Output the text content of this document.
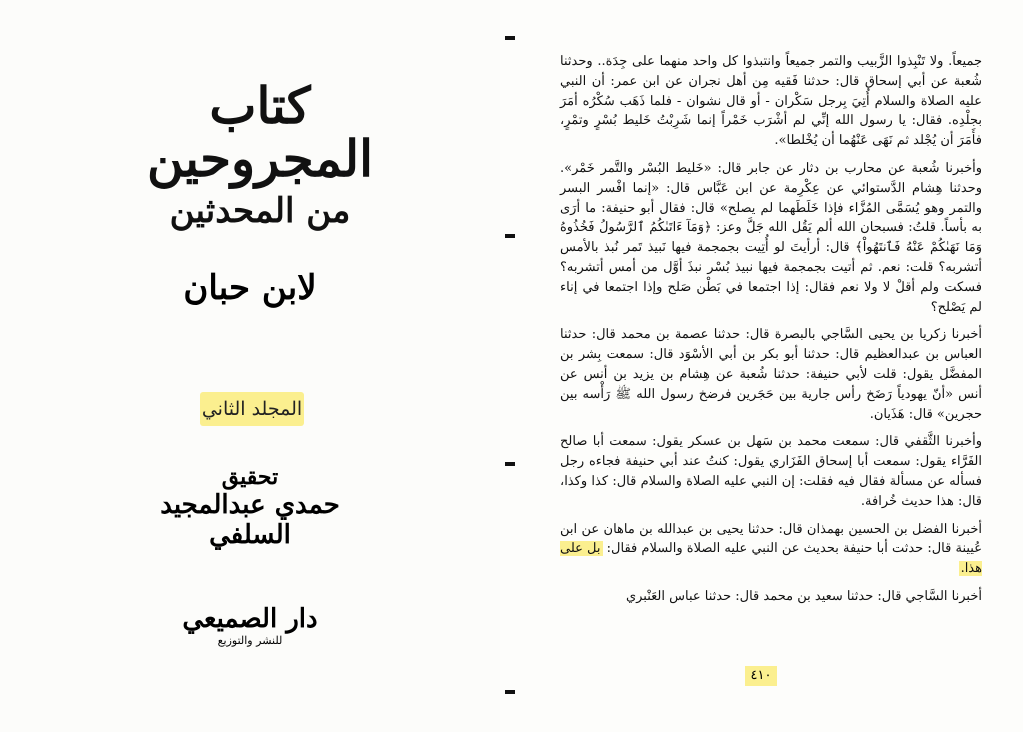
كتاب المجروحين
من المحدثين
لابن حبان
المجلد الثاني
تحقيق
حمدي عبدالمجيد السلفي
دار الصميعي
للنشر والتوزيع

جميعاً. ولا تَنْبِذوا الزَّبيب والتمر جميعاً وانتبذوا كل واحد منهما على جِدَة.. وحدثنا شُعبة عن أبي إسحاق قال: حدثنا فَقيه مِن أهل نجران عن ابن عمر: أن النبي عليه الصلاة والسلام أُتِيَ بِرجل سَكْران - أو قال نشوان - فلما ذَهَب سُكْرُه أمَرَ بجلْدِه. فقال: يا رسول الله إنِّي لم أشْرَب خَمْراً إنما شَرِبْتُ خَليط بُسْرٍ وتمْرٍ، فأَمَرَ أن يُجْلد ثم نَهَى عَنْهُما أن يُخْلطا».

وأخبرنا شُعبة عن محارب بن دثار عن جابر قال: «خَليط البُسْر والتَّمر خَمْر». وحدثنا هِشام الدَّستوائي عن عِكْرِمة عن ابن عَبَّاس قال: «إنما افْسر البسر والتمر وهو يُسَمَّى المُزَّاء فإذا خَلَطَهما لم يصلح» قال: فقال أبو حنيفة: ما أرَى به بأساً. قلتُ: فسبحان الله ألم يَقُل الله جَلَّ وعز: ﴿وَمَآ ءَاتَىٰكُمُ ٱلرَّسُولُ فَخُذُوهُ وَمَا نَهَىٰكُمْ عَنْهُ فَٱنتَهُواْ﴾ قال: أرأيتَ لو أُتِيت بجمجمة فيها نَبيذ تَمر نُبذ بالأمس أتشربه؟ قلت: نعم. ثم أتيت بجمجمة فيها نبيذ بُسْر نبذَ أوَّل من أمس أتشربه؟ فسكت ولم أقلْ لا ولا نعم فقال: إذا اجتمعا في بَطْن صَلح وإذا اجتمعا في إناء لم يَصْلح؟

أخبرنا زكريا بن يحيى السَّاجي بالبصرة قال: حدثنا عصمة بن محمد قال: حدثنا العباس بن عبدالعظيم قال: حدثنا أبو بكر بن أبي الأسْوَد قال: سمعت بِشر بن المفضَّل يقول: قلت لأبي حنيفة: حدثنا شُعبة عن هِشام بن يزيد بن أنس عن أنس «أنّ يهودياً رَضَخ رأس جارية بين حَجَرين فرضخ رسول الله ﷺ رَأْسه بين حجرين» قال: هَذَيان.

وأخبرنا الثَّقفي قال: سمعت محمد بن سَهل بن عسكر يقول: سمعت أبا صالح الفَرَّاء يقول: سمعت أبا إسحاق الفَزَاري يقول: كنتُ عند أبي حنيفة فجاءه رجل فسأله عن مسألة فقال فيه فقلت: إن النبي عليه الصلاة والسلام قال: كذا وكذا، قال: هذا حديث خُرافة.

أخبرنا الفضل بن الحسين بهمذان قال: حدثنا يحيى بن عبدالله بن ماهان عن ابن عُيينة قال: حدثت أبا حنيفة بحديث عن النبي عليه الصلاة والسلام فقال: بل على هذا.

أخبرنا السَّاجي قال: حدثنا سعيد بن محمد قال: حدثنا عباس العَنْبري

٤١٠
